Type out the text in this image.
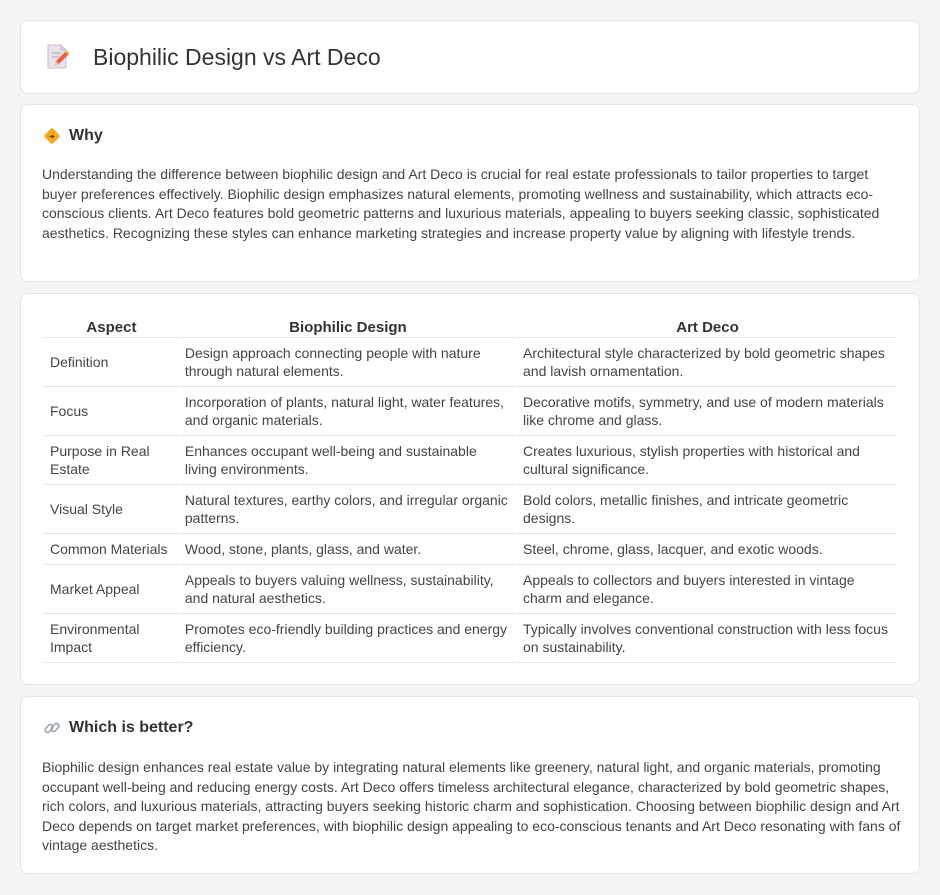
Biophilic Design vs Art Deco
Why

Understanding the difference between biophilic design and Art Deco is crucial for real estate professionals to tailor properties to target buyer preferences effectively. Biophilic design emphasizes natural elements, promoting wellness and sustainability, which attracts eco-conscious clients. Art Deco features bold geometric patterns and luxurious materials, appealing to buyers seeking classic, sophisticated aesthetics. Recognizing these styles can enhance marketing strategies and increase property value by aligning with lifestyle trends.

Aspect	Biophilic Design	Art Deco
Definition	Design approach connecting people with nature through natural elements.	Architectural style characterized by bold geometric shapes and lavish ornamentation.
Focus	Incorporation of plants, natural light, water features, and organic materials.	Decorative motifs, symmetry, and use of modern materials like chrome and glass.
Purpose in Real Estate	Enhances occupant well-being and sustainable living environments.	Creates luxurious, stylish properties with historical and cultural significance.
Visual Style	Natural textures, earthy colors, and irregular organic patterns.	Bold colors, metallic finishes, and intricate geometric designs.
Common Materials	Wood, stone, plants, glass, and water.	Steel, chrome, glass, lacquer, and exotic woods.
Market Appeal	Appeals to buyers valuing wellness, sustainability, and natural aesthetics.	Appeals to collectors and buyers interested in vintage charm and elegance.
Environmental Impact	Promotes eco-friendly building practices and energy efficiency.	Typically involves conventional construction with less focus on sustainability.
Which is better?

Biophilic design enhances real estate value by integrating natural elements like greenery, natural light, and organic materials, promoting occupant well-being and reducing energy costs. Art Deco offers timeless architectural elegance, characterized by bold geometric shapes, rich colors, and luxurious materials, attracting buyers seeking historic charm and sophistication. Choosing between biophilic design and Art Deco depends on target market preferences, with biophilic design appealing to eco-conscious tenants and Art Deco resonating with fans of vintage aesthetics.
